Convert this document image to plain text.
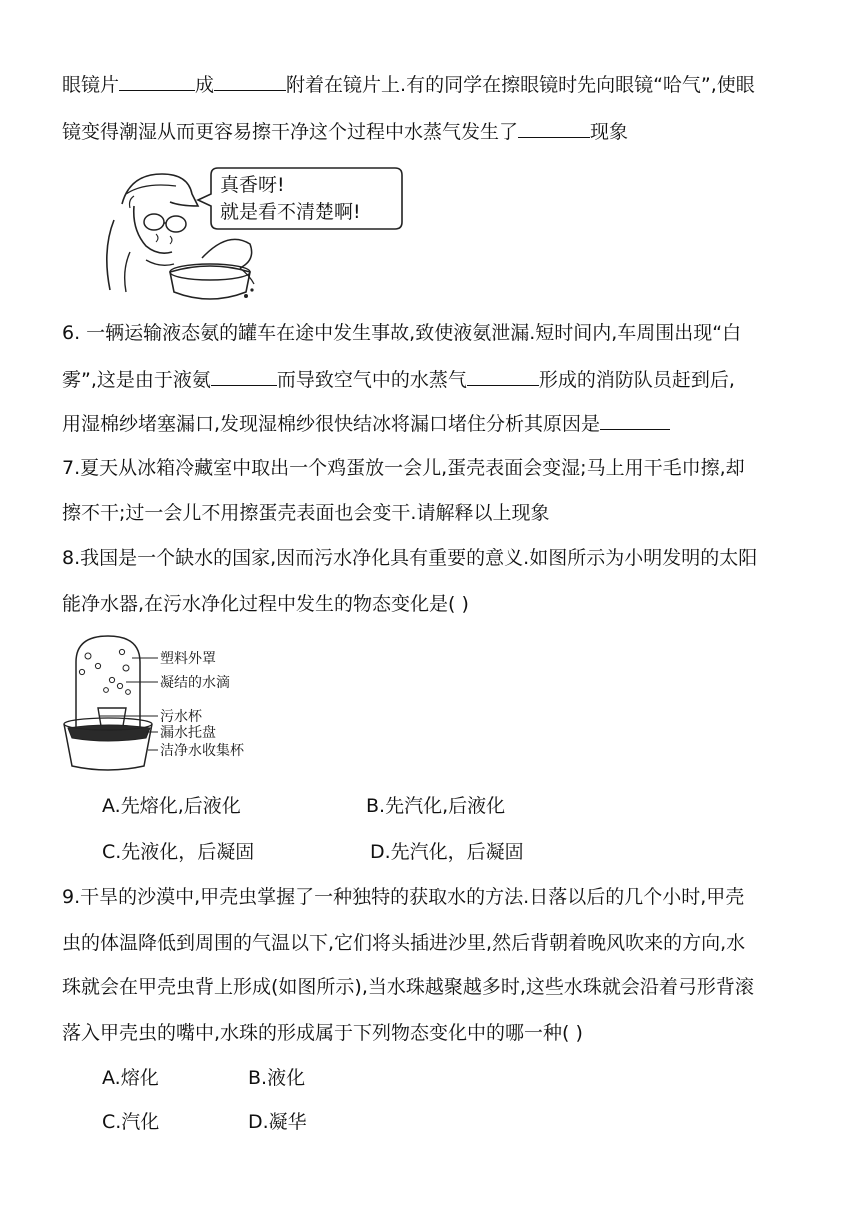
眼镜片	成	附着在镜片上.有的同学在擦眼镜时先向眼镜“哈气”,使眼
镜变得潮湿从而更容易擦干净这个过程中水蒸气发生了	现象
真香呀!
就是看不清楚啊!
6. 一辆运输液态氨的罐车在途中发生事故,致使液氨泄漏.短时间内,车周围出现“白
雾”,这是由于液氨	而导致空气中的水蒸气	形成的消防队员赶到后,
用湿棉纱堵塞漏口,发现湿棉纱很快结冰将漏口堵住分析其原因是
7.夏天从冰箱冷藏室中取出一个鸡蛋放一会儿,蛋壳表面会变湿;马上用干毛巾擦,却
擦不干;过一会儿不用擦蛋壳表面也会变干.请解释以上现象
8.我国是一个缺水的国家,因而污水净化具有重要的意义.如图所示为小明发明的太阳
能净水器,在污水净化过程中发生的物态变化是( )
塑料外罩
凝结的水滴
污水杯
漏水托盘
洁净水收集杯
A.先熔化,后液化	B.先汽化,后液化
C.先液化，后凝固	D.先汽化，后凝固
9.干旱的沙漠中,甲壳虫掌握了一种独特的获取水的方法.日落以后的几个小时,甲壳
虫的体温降低到周围的气温以下,它们将头插进沙里,然后背朝着晚风吹来的方向,水
珠就会在甲壳虫背上形成(如图所示),当水珠越聚越多时,这些水珠就会沿着弓形背滚
落入甲壳虫的嘴中,水珠的形成属于下列物态变化中的哪一种( )
A.熔化	B.液化
C.汽化	D.凝华
